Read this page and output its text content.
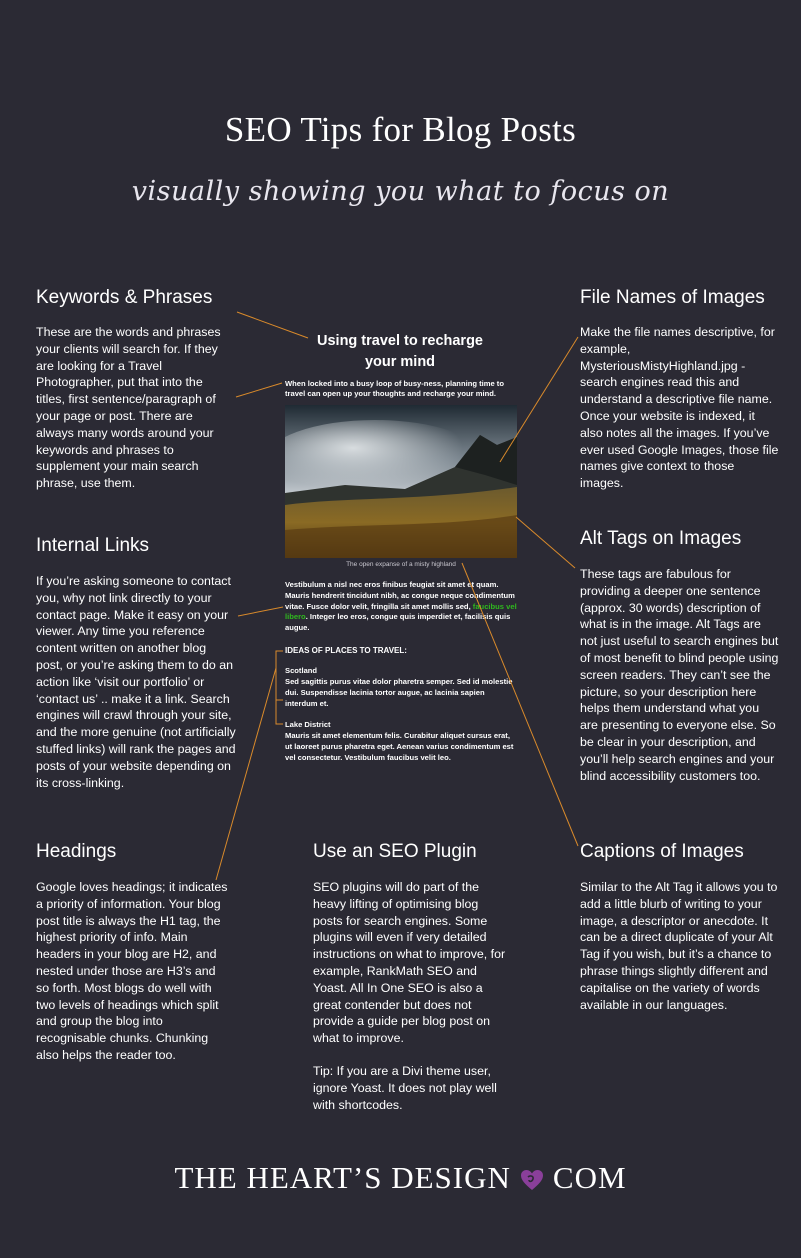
SEO Tips for Blog Posts
visually showing you what to focus on
Keywords & Phrases
These are the words and phrases your clients will search for. If they are looking for a Travel Photographer, put that into the titles, first sentence/paragraph of your page or post. There are always many words around your keywords and phrases to supplement your main search phrase, use them.
Internal Links
If you’re asking someone to contact you, why not link directly to your contact page. Make it easy on your viewer. Any time you reference content written on another blog post, or you’re asking them to do an action like ‘visit our portfolio’ or ‘contact us’ .. make it a link. Search engines will crawl through your site, and the more genuine (not artificially stuffed links) will rank the pages and posts of your website depending on its cross-linking.
Headings
Google loves headings; it indicates a priority of information. Your blog post title is always the H1 tag, the highest priority of info. Main headers in your blog are H2, and nested under those are H3’s and so forth. Most blogs do well with two levels of headings which split and group the blog into recognisable chunks. Chunking also helps the reader too.
Use an SEO Plugin

SEO plugins will do part of the heavy lifting of optimising blog posts for search engines. Some plugins will even if very detailed instructions on what to improve, for example, RankMath SEO and Yoast. All In One SEO is also a great contender but does not provide a guide per blog post on what to improve.

Tip: If you are a Divi theme user, ignore Yoast. It does not play well with shortcodes.

File Names of Images
Make the file names descriptive, for example, MysteriousMistyHighland.jpg - search engines read this and understand a descriptive file name. Once your website is indexed, it also notes all the images. If you’ve ever used Google Images, those file names give context to those images.
Alt Tags on Images
These tags are fabulous for providing a deeper one sentence (approx. 30 words) description of what is in the image. Alt Tags are not just useful to search engines but of most benefit to blind people using screen readers. They can’t see the picture, so your description here helps them understand what you are presenting to everyone else. So be clear in your description, and you’ll help search engines and your blind accessibility customers too.
Captions of Images
Similar to the Alt Tag it allows you to add a little blurb of writing to your image, a descriptor or anecdote. It can be a direct duplicate of your Alt Tag if you wish, but it’s a chance to phrase things slightly different and capitalise on the variety of words available in our languages.
Using travel to recharge your mind
When locked into a busy loop of busy-ness, planning time to travel can open up your thoughts and recharge your mind.
The open expanse of a misty highland
Vestibulum a nisl nec eros finibus feugiat sit amet et quam. Mauris hendrerit tincidunt nibh, ac congue neque condimentum vitae. Fusce dolor velit, fringilla sit amet mollis sed, faucibus vel libero. Integer leo eros, congue quis imperdiet et, facilisis quis augue.
IDEAS OF PLACES TO TRAVEL:
Scotland
Sed sagittis purus vitae dolor pharetra semper. Sed id molestie dui. Suspendisse lacinia tortor augue, ac lacinia sapien interdum et.
Lake District
Mauris sit amet elementum felis. Curabitur aliquet cursus erat, ut laoreet purus pharetra eget. Aenean varius condimentum est vel consectetur. Vestibulum faucibus velit leo.
THE HEART’S DESIGN COM
